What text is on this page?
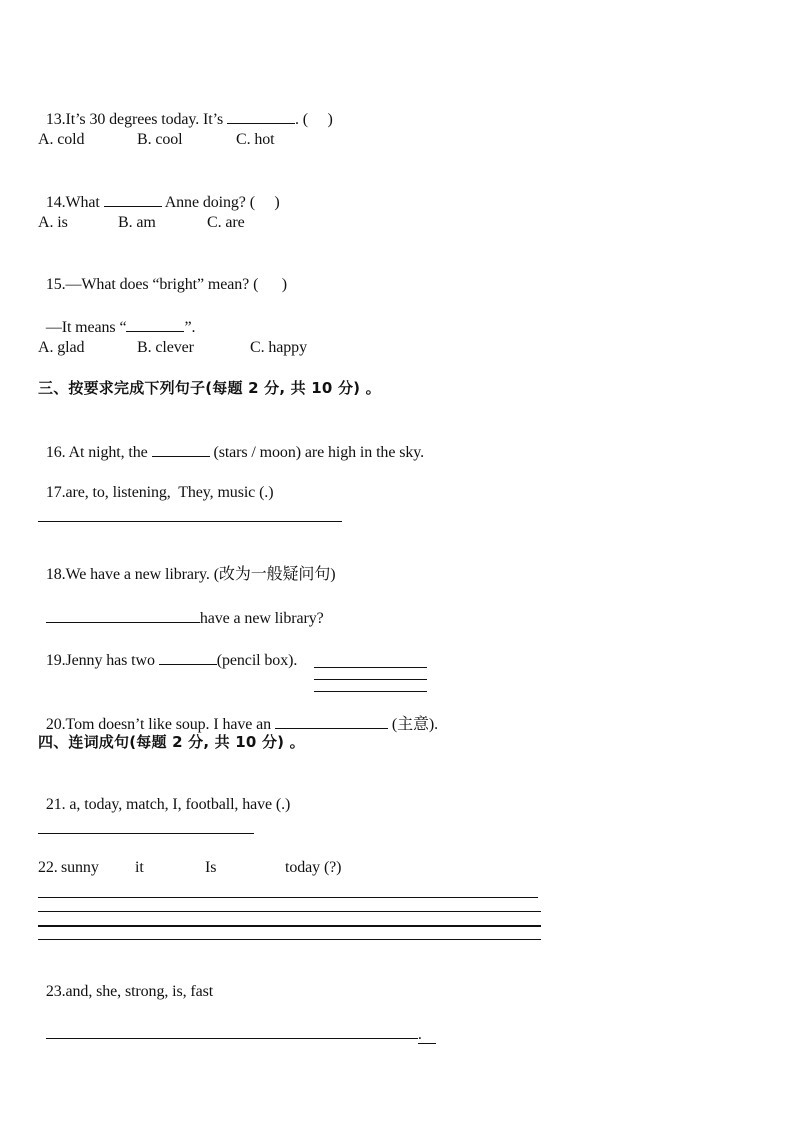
13.It’s 30 degrees today. It’s	. (     )

A. cold

	B. cool

	C. hot

14.What	Anne doing? (     )

A. is

	B. am

	C. are

15.—What does “bright” mean? (      )

—It means “	”.

A. glad

	B. clever

	C. happy

三、按要求完成下列句子(每题 2 分, 共 10 分) 。

16. At night, the	(stars / moon) are high in the sky.

17.are, to, listening,  They, music (.)

18.We have a new library. (改为一般疑问句)

have a new library?

19.Jenny has two	(pencil box).

20.Tom doesn’t like soup. I have an	(主意).

四、连词成句(每题 2 分, 共 10 分) 。

21. a, today, match, I, football, have (.)

22.

sunny

it

	Is

	today (?)

23.and, she, strong, is, fast

.
